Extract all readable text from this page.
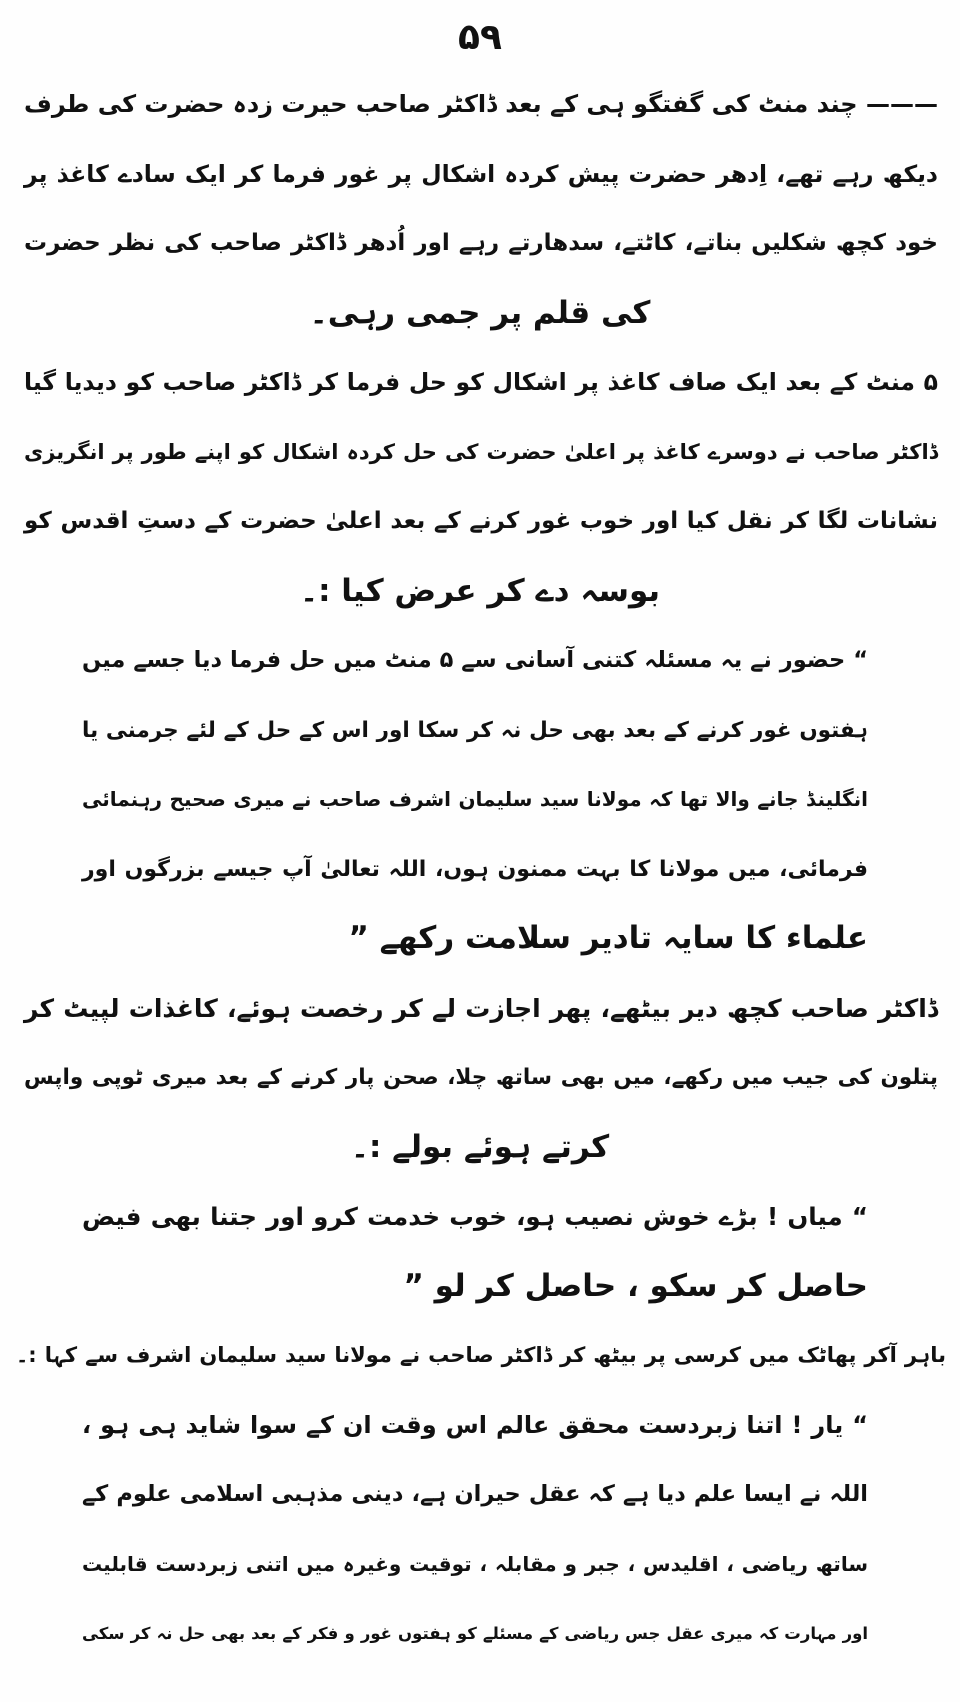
۵۹
——— چند منٹ کی گفتگو ہی کے بعد ڈاکٹر صاحب حیرت زدہ حضرت کی طرف
دیکھ رہے تھے، اِدھر حضرت پیش کردہ اشکال پر غور فرما کر ایک سادے کاغذ پر
خود کچھ شکلیں بناتے، کاٹتے، سدھارتے رہے اور اُدھر ڈاکٹر صاحب کی نظر حضرت
کی قلم پر جمی رہی۔
۵ منٹ کے بعد ایک صاف کاغذ پر اشکال کو حل فرما کر ڈاکٹر صاحب کو دیدیا گیا
ڈاکٹر صاحب نے دوسرے کاغذ پر اعلیٰ حضرت کی حل کردہ اشکال کو اپنے طور پر انگریزی
نشانات لگا کر نقل کیا اور خوب غور کرنے کے بعد اعلیٰ حضرت کے دستِ اقدس کو
بوسہ دے کر عرض کیا :۔
“ حضور نے یہ مسئلہ کتنی آسانی سے ۵ منٹ میں حل فرما دیا جسے میں
ہفتوں غور کرنے کے بعد بھی حل نہ کر سکا اور اس کے حل کے لئے جرمنی یا
انگلینڈ جانے والا تھا کہ مولانا سید سلیمان اشرف صاحب نے میری صحیح رہنمائی
فرمائی، میں مولانا کا بہت ممنون ہوں، اللہ تعالیٰ آپ جیسے بزرگوں اور
علماء کا سایہ تادیر سلامت رکھے ”
ڈاکٹر صاحب کچھ دیر بیٹھے، پھر اجازت لے کر رخصت ہوئے، کاغذات لپیٹ کر
پتلون کی جیب میں رکھے، میں بھی ساتھ چلا، صحن پار کرنے کے بعد میری ٹوپی واپس
کرتے ہوئے بولے :۔
“ میاں ! بڑے خوش نصیب ہو، خوب خدمت کرو اور جتنا بھی فیض
حاصل کر سکو ، حاصل کر لو ”
باہر آکر پھاٹک میں کرسی پر بیٹھ کر ڈاکٹر صاحب نے مولانا سید سلیمان اشرف سے کہا :۔
“ یار ! اتنا زبردست محقق عالم اس وقت ان کے سوا شاید ہی ہو ،
اللہ نے ایسا علم دیا ہے کہ عقل حیران ہے، دینی مذہبی اسلامی علوم کے
ساتھ ریاضی ، اقلیدس ، جبر و مقابلہ ، توقیت وغیرہ میں اتنی زبردست قابلیت
اور مہارت کہ میری عقل جس ریاضی کے مسئلے کو ہفتوں غور و فکر کے بعد بھی حل نہ کر سکی
